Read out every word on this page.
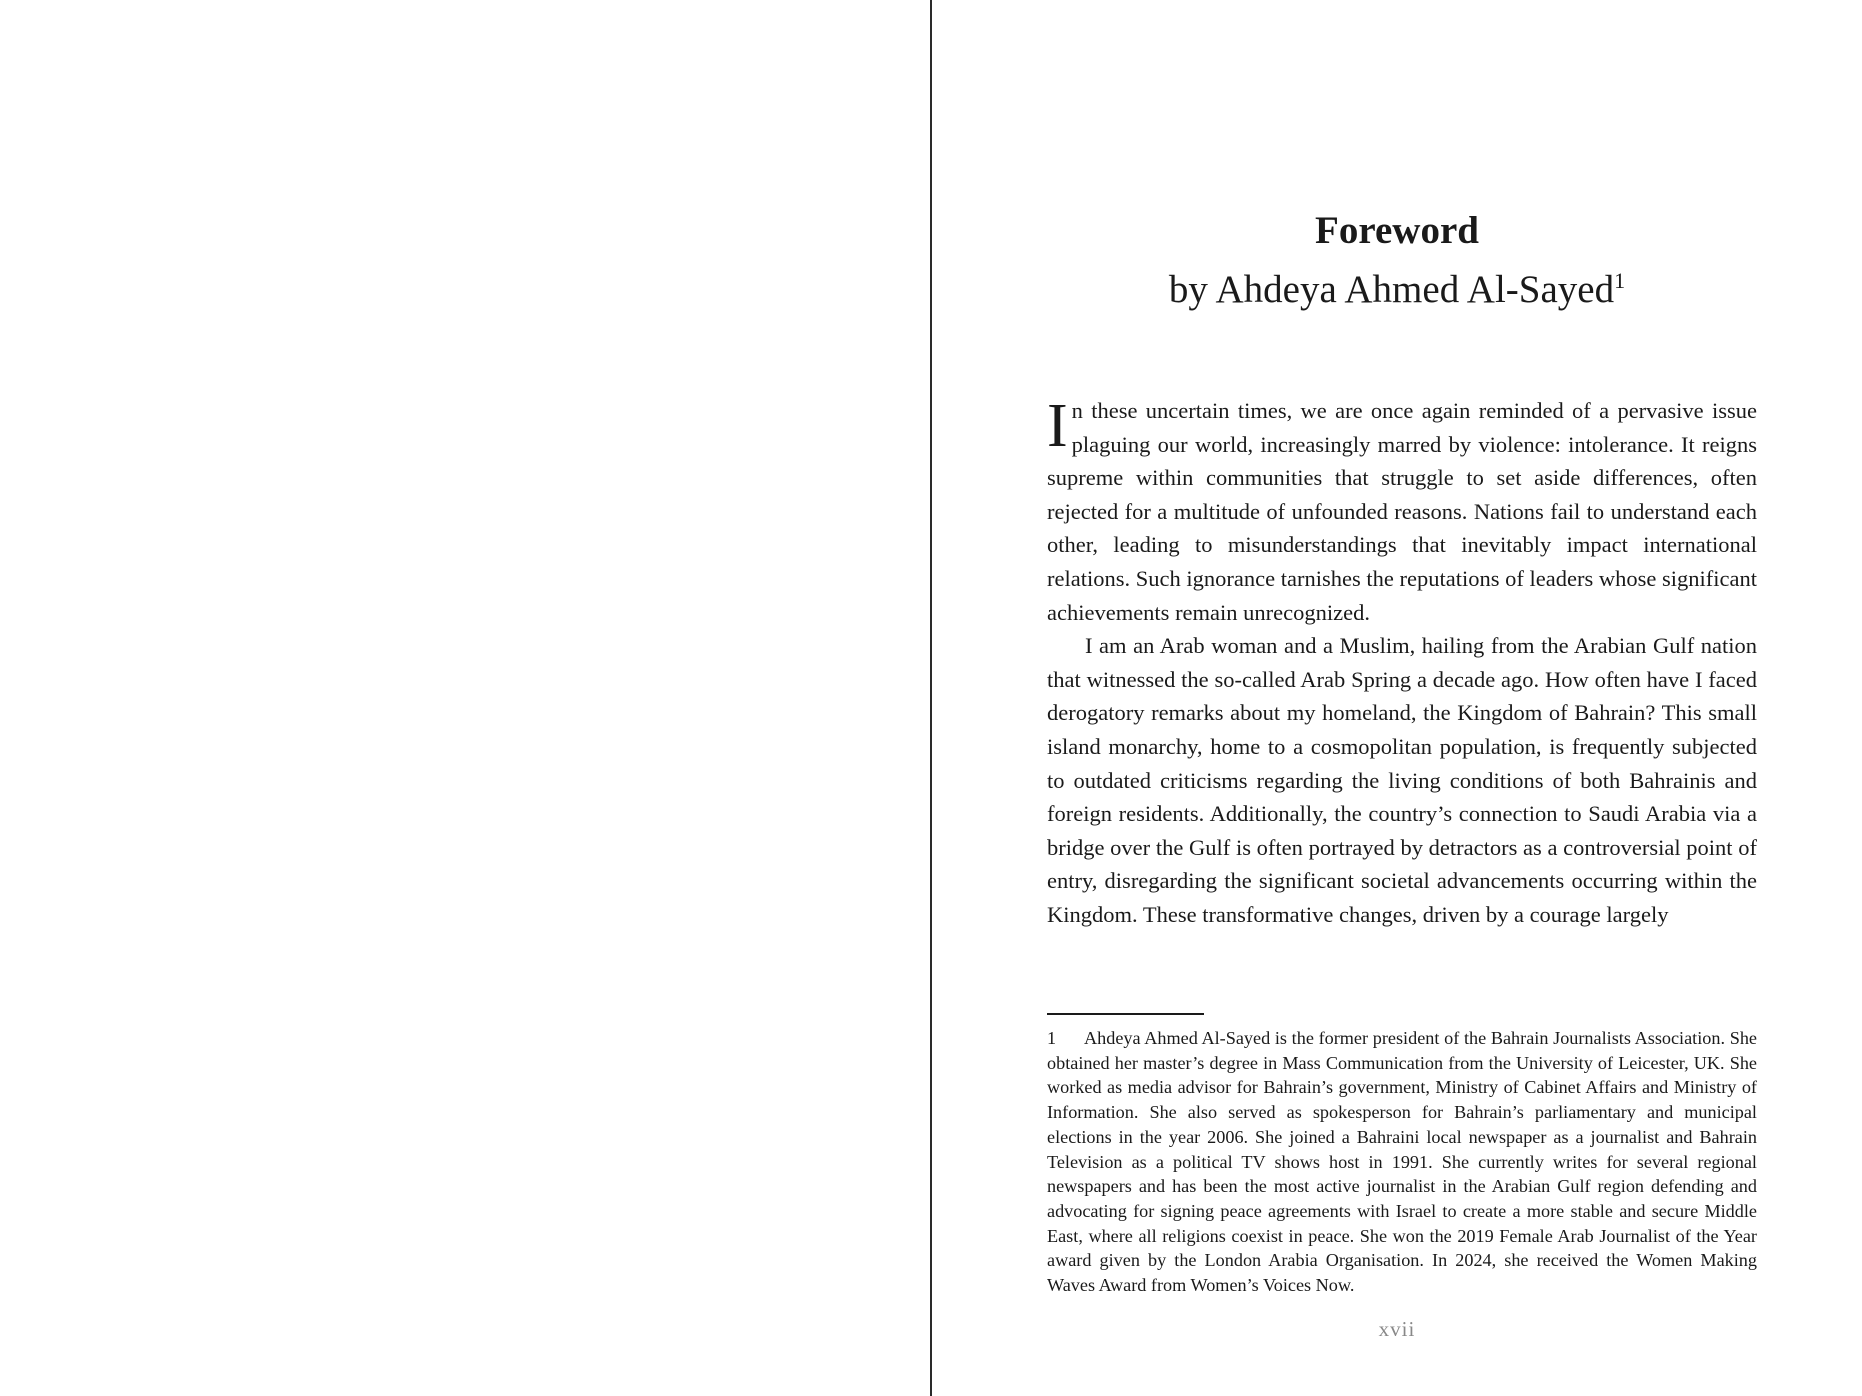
Foreword
by Ahdeya Ahmed Al-Sayed$^1$

In these uncertain times, we are once again reminded of a pervasive issue plaguing our world, increasingly marred by violence: intolerance. It reigns supreme within communities that struggle to set aside differences, often rejected for a multitude of unfounded reasons. Nations fail to understand each other, leading to misunderstandings that inevitably impact international relations. Such ignorance tarnishes the reputations of leaders whose significant achievements remain unrecognized.

I am an Arab woman and a Muslim, hailing from the Arabian Gulf nation that witnessed the so-called Arab Spring a decade ago. How often have I faced derogatory remarks about my homeland, the Kingdom of Bahrain? This small island monarchy, home to a cosmopolitan population, is frequently subjected to outdated criticisms regarding the living conditions of both Bahrainis and foreign residents. Additionally, the country’s connection to Saudi Arabia via a bridge over the Gulf is often portrayed by detractors as a controversial point of entry, disregarding the significant societal advancements occurring within the Kingdom. These transformative changes, driven by a courage largely

1 Ahdeya Ahmed Al-Sayed is the former president of the Bahrain Journalists Association. She obtained her master’s degree in Mass Communication from the University of Leicester, UK. She worked as media advisor for Bahrain’s government, Ministry of Cabinet Affairs and Ministry of Information. She also served as spokesperson for Bahrain’s parliamentary and municipal elections in the year 2006. She joined a Bahraini local newspaper as a journalist and Bahrain Television as a political TV shows host in 1991. She currently writes for several regional newspapers and has been the most active journalist in the Arabian Gulf region defending and advocating for signing peace agreements with Israel to create a more stable and secure Middle East, where all religions coexist in peace. She won the 2019 Female Arab Journalist of the Year award given by the London Arabia Organisation. In 2024, she received the Women Making Waves Award from Women’s Voices Now.
xvii
